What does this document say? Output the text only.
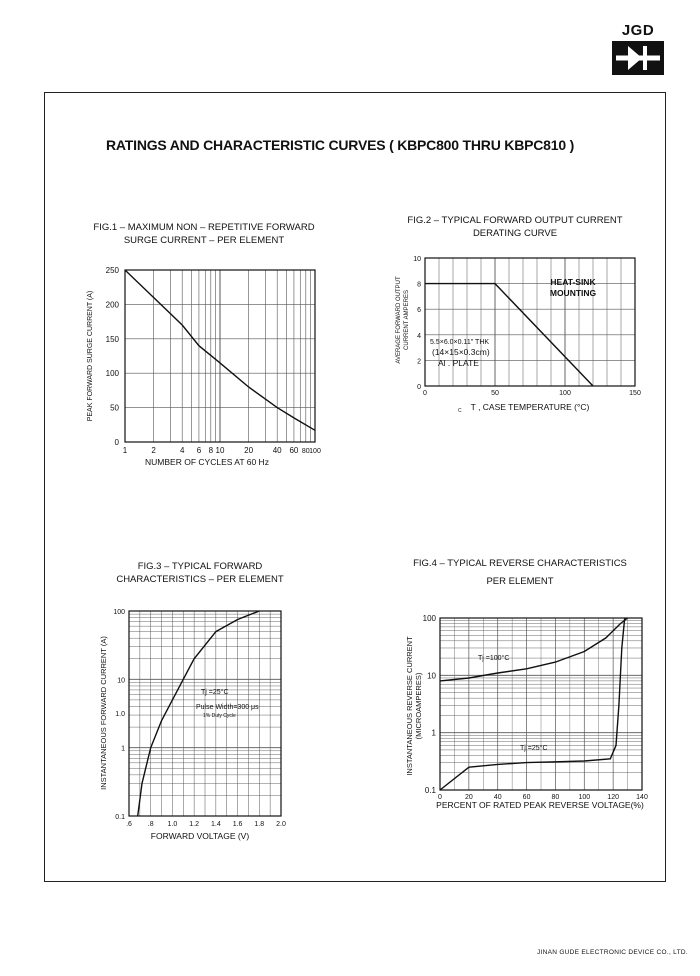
JGD
RATINGS AND CHARACTERISTIC CURVES ( KBPC800 THRU KBPC810 )
FIG.1 – MAXIMUM NON – REPETITIVE FORWARD
SURGE CURRENT – PER ELEMENT
FIG.2 – TYPICAL FORWARD OUTPUT CURRENT
DERATING CURVE
FIG.3 – TYPICAL FORWARD
CHARACTERISTICS – PER ELEMENT
FIG.4 – TYPICAL REVERSE CHARACTERISTICS
PER ELEMENT
250
200
150
100
50
0
1	2	4 6 8 10 20 40 60 80 100
PEAK FORWARD SURGE CURRENT (A)
NUMBER OF CYCLES AT 60 Hz
10
8
6
4
2
0
0	50	100	150
AVERAGE FORWARD OUTPUT CURRENT AMPERES
T , CASE TEMPERATURE (°C)
C
HEAT-SINK
MOUNTING
5.5×6.0×0.11" THK
(14×15×0.3cm)
Al . PLATE
100
10
1.0
1
0.1
.6 .8 1.0 1.2 1.4 1.6 1.8 2.0
INSTANTANEOUS FORWARD CURRENT (A)
FORWARD VOLTAGE (V)
Tj =25°C
Pulse Width=300 μs
1% Duty Cycle
100
10
1
0.1
0	20	40	60	80	100 120 140
INSTANTANEOUS REVERSE CURRENT (MICROAMPERES)
PERCENT OF RATED PEAK REVERSE VOLTAGE(%)
Tj =100°C
Tj =25°C
JINAN GUDE ELECTRONIC DEVICE CO., LTD.
